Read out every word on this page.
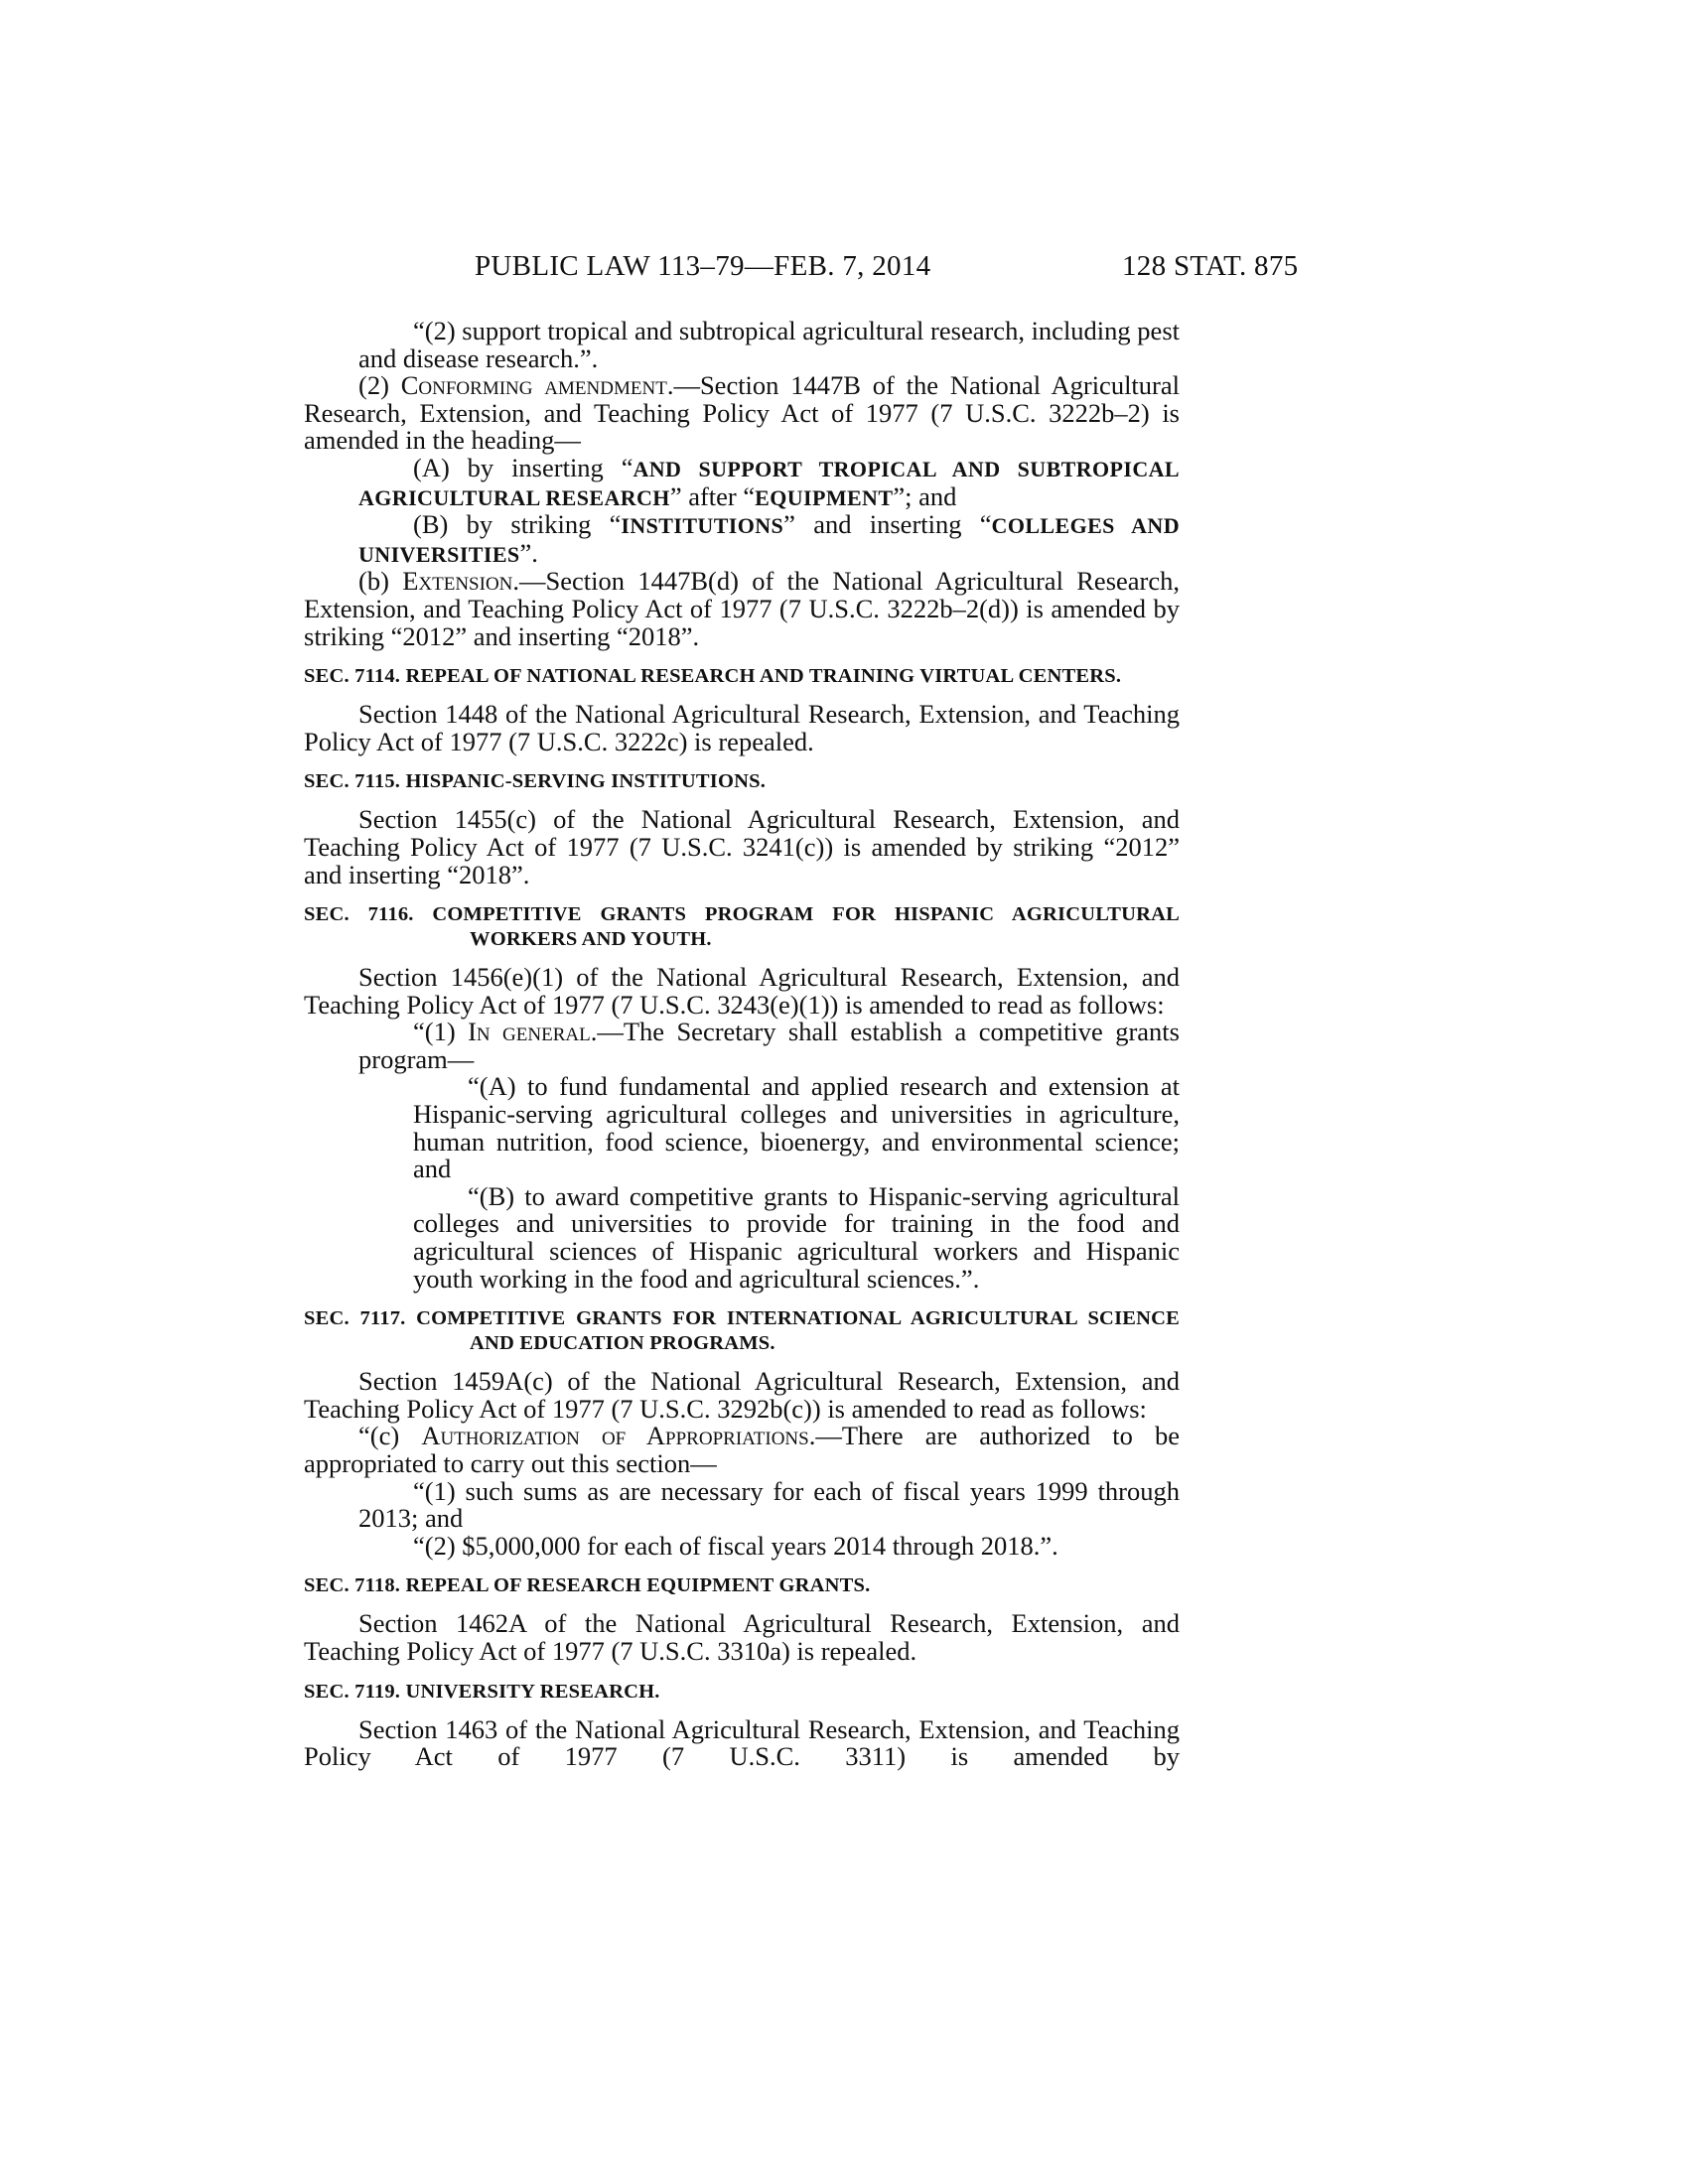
PUBLIC LAW 113–79—FEB. 7, 2014	128 STAT. 875

“(2) support tropical and subtropical agricultural research, including pest and disease research.”.

(2) Conforming amendment.—Section 1447B of the National Agricultural Research, Extension, and Teaching Policy Act of 1977 (7 U.S.C. 3222b–2) is amended in the heading—

(A) by inserting “AND SUPPORT TROPICAL AND SUBTROPICAL AGRICULTURAL RESEARCH” after “EQUIPMENT”; and

(B) by striking “INSTITUTIONS” and inserting “COLLEGES AND UNIVERSITIES”.

(b) Extension.—Section 1447B(d) of the National Agricultural Research, Extension, and Teaching Policy Act of 1977 (7 U.S.C. 3222b–2(d)) is amended by striking “2012” and inserting “2018”.

SEC. 7114. REPEAL OF NATIONAL RESEARCH AND TRAINING VIRTUAL CENTERS.

Section 1448 of the National Agricultural Research, Extension, and Teaching Policy Act of 1977 (7 U.S.C. 3222c) is repealed.

SEC. 7115. HISPANIC-SERVING INSTITUTIONS.

Section 1455(c) of the National Agricultural Research, Extension, and Teaching Policy Act of 1977 (7 U.S.C. 3241(c)) is amended by striking “2012” and inserting “2018”.

SEC. 7116. COMPETITIVE GRANTS PROGRAM FOR HISPANIC AGRICULTURAL WORKERS AND YOUTH.

Section 1456(e)(1) of the National Agricultural Research, Extension, and Teaching Policy Act of 1977 (7 U.S.C. 3243(e)(1)) is amended to read as follows:

“(1) In general.—The Secretary shall establish a competitive grants program—

“(A) to fund fundamental and applied research and extension at Hispanic-serving agricultural colleges and universities in agriculture, human nutrition, food science, bioenergy, and environmental science; and

“(B) to award competitive grants to Hispanic-serving agricultural colleges and universities to provide for training in the food and agricultural sciences of Hispanic agricultural workers and Hispanic youth working in the food and agricultural sciences.”.

SEC. 7117. COMPETITIVE GRANTS FOR INTERNATIONAL AGRICULTURAL SCIENCE AND EDUCATION PROGRAMS.

Section 1459A(c) of the National Agricultural Research, Extension, and Teaching Policy Act of 1977 (7 U.S.C. 3292b(c)) is amended to read as follows:

“(c) Authorization of Appropriations.—There are authorized to be appropriated to carry out this section—

“(1) such sums as are necessary for each of fiscal years 1999 through 2013; and

“(2) $5,000,000 for each of fiscal years 2014 through 2018.”.

SEC. 7118. REPEAL OF RESEARCH EQUIPMENT GRANTS.

Section 1462A of the National Agricultural Research, Extension, and Teaching Policy Act of 1977 (7 U.S.C. 3310a) is repealed.

SEC. 7119. UNIVERSITY RESEARCH.

Section 1463 of the National Agricultural Research, Extension, and Teaching Policy Act of 1977 (7 U.S.C. 3311) is amended by
